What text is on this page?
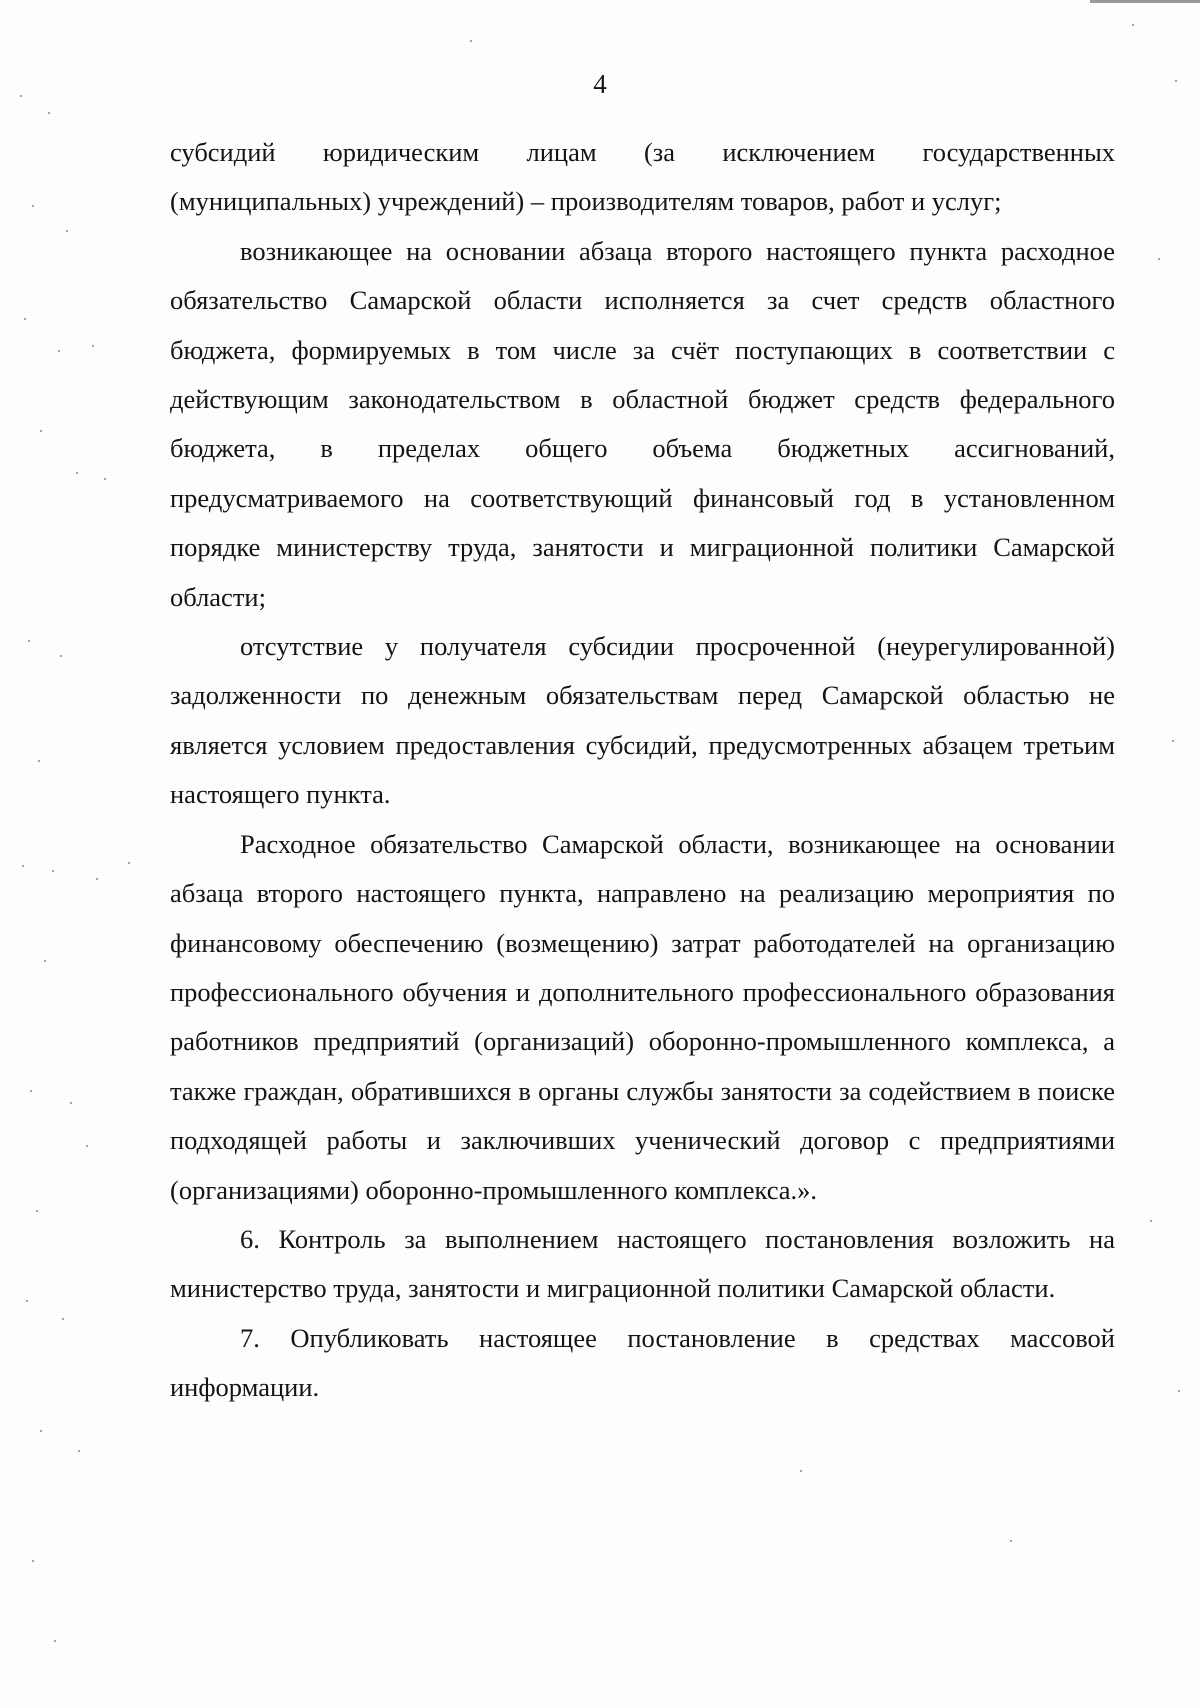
4

субсидий юридическим лицам (за исключением государственных (муниципальных) учреждений) – производителям товаров, работ и услуг;

возникающее на основании абзаца второго настоящего пункта расходное обязательство Самарской области исполняется за счет средств областного бюджета, формируемых в том числе за счёт поступающих в соответствии с действующим законодательством в областной бюджет средств федерального бюджета, в пределах общего объема бюджетных ассигнований, предусматриваемого на соответствующий финансовый год в установленном порядке министерству труда, занятости и миграционной политики Самарской области;

отсутствие у получателя субсидии просроченной (неурегулированной) задолженности по денежным обязательствам перед Самарской областью не является условием предоставления субсидий, предусмотренных абзацем третьим настоящего пункта.

Расходное обязательство Самарской области, возникающее на основании абзаца второго настоящего пункта, направлено на реализацию мероприятия по финансовому обеспечению (возмещению) затрат работодателей на организацию профессионального обучения и дополнительного профессионального образования работников предприятий (организаций) оборонно-промышленного комплекса, а также граждан, обратившихся в органы службы занятости за содействием в поиске подходящей работы и заключивших ученический договор с предприятиями (организациями) оборонно-промышленного комплекса.».

6. Контроль за выполнением настоящего постановления возложить на министерство труда, занятости и миграционной политики Самарской области.

7. Опубликовать настоящее постановление в средствах массовой информации.
